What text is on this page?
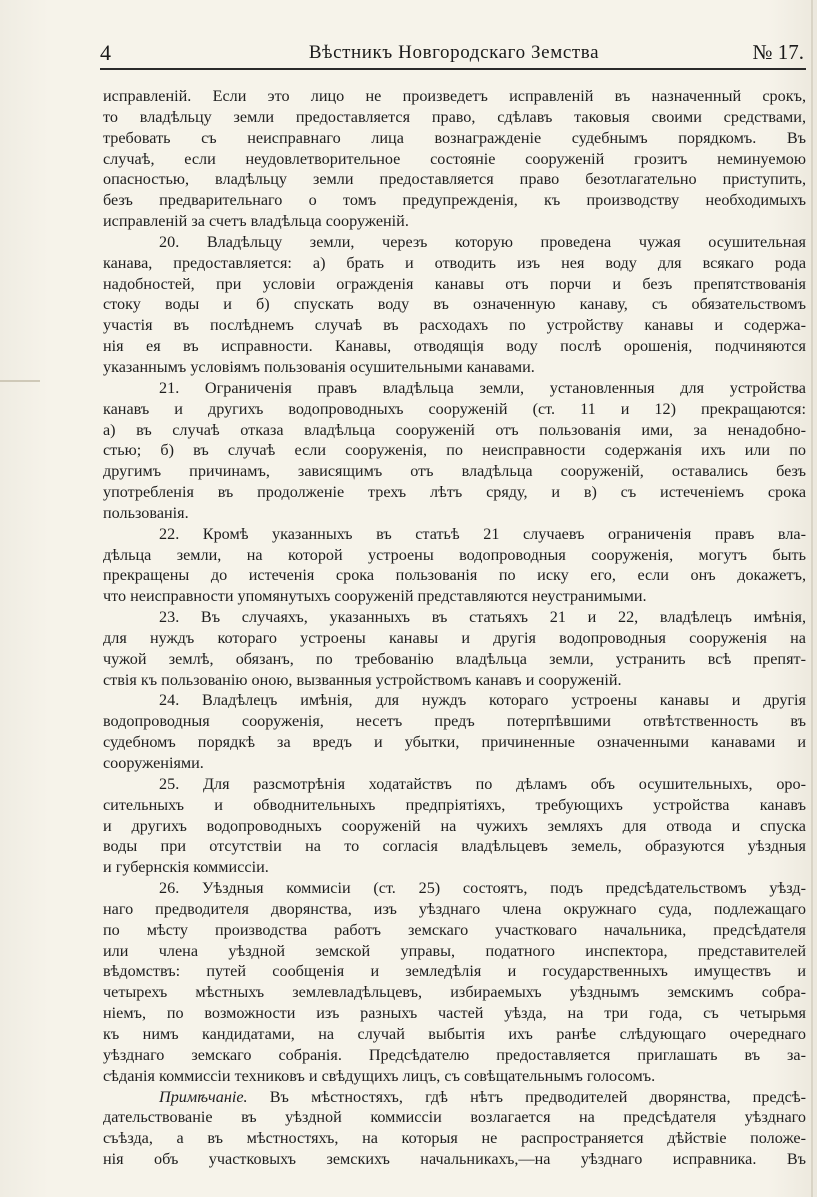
4	Вѣстникъ Новгородскаго Земства	№ 17.
исправленій. Если это лицо не произведетъ исправленій въ назначенный срокъ,
то владѣльцу земли предоставляется право, сдѣлавъ таковыя своими средствами,
требовать съ неисправнаго лица вознагражденіе судебнымъ порядкомъ. Въ
случаѣ, если неудовлетворительное состояніе сооруженій грозитъ неминуемою
опасностью, владѣльцу земли предоставляется право безотлагательно приступить,
безъ предварительнаго о томъ предупрежденія, къ производству необходимыхъ
исправленій за счетъ владѣльца сооруженій.
20. Владѣльцу земли, черезъ которую проведена чужая осушительная
канава, предоставляется: а) брать и отводить изъ нея воду для всякаго рода
надобностей, при условіи огражденія канавы отъ порчи и безъ препятствованія
стоку воды и б) спускать воду въ означенную канаву, съ обязательствомъ
участія въ послѣднемъ случаѣ въ расходахъ по устройству канавы и содержа-
нія ея въ исправности. Канавы, отводящія воду послѣ орошенія, подчиняются
указаннымъ условіямъ пользованія осушительными канавами.
21. Ограниченія правъ владѣльца земли, установленныя для устройства
канавъ и другихъ водопроводныхъ сооруженій (ст. 11 и 12) прекращаются:
а) въ случаѣ отказа владѣльца сооруженій отъ пользованія ими, за ненадобно-
стью; б) въ случаѣ если сооруженія, по неисправности содержанія ихъ или по
другимъ причинамъ, зависящимъ отъ владѣльца сооруженій, оставались безъ
употребленія въ продолженіе трехъ лѣтъ сряду, и в) съ истеченіемъ срока
пользованія.
22. Кромѣ указанныхъ въ статьѣ 21 случаевъ ограниченія правъ вла-
дѣльца земли, на которой устроены водопроводныя сооруженія, могутъ быть
прекращены до истеченія срока пользованія по иску его, если онъ докажетъ,
что неисправности упомянутыхъ сооруженій представляются неустранимыми.
23. Въ случаяхъ, указанныхъ въ статьяхъ 21 и 22, владѣлецъ имѣнія,
для нуждъ котораго устроены канавы и другія водопроводныя сооруженія на
чужой землѣ, обязанъ, по требованію владѣльца земли, устранить всѣ препят-
ствія къ пользованію оною, вызванныя устройствомъ канавъ и сооруженій.
24. Владѣлецъ имѣнія, для нуждъ котораго устроены канавы и другія
водопроводныя сооруженія, несетъ предъ потерпѣвшими отвѣтственность въ
судебномъ порядкѣ за вредъ и убытки, причиненные означенными канавами и
сооруженіями.
25. Для разсмотрѣнія ходатайствъ по дѣламъ объ осушительныхъ, оро-
сительныхъ и обводнительныхъ предпріятіяхъ, требующихъ устройства канавъ
и другихъ водопроводныхъ сооруженій на чужихъ земляхъ для отвода и спуска
воды при отсутствіи на то согласія владѣльцевъ земель, образуются уѣздныя
и губернскія коммиссіи.
26. Уѣздныя коммисіи (ст. 25) состоятъ, подъ предсѣдательствомъ уѣзд-
наго предводителя дворянства, изъ уѣзднаго члена окружнаго суда, подлежащаго
по мѣсту производства работъ земскаго участковаго начальника, предсѣдателя
или члена уѣздной земской управы, податного инспектора, представителей
вѣдомствъ: путей сообщенія и земледѣлія и государственныхъ имуществъ и
четырехъ мѣстныхъ землевладѣльцевъ, избираемыхъ уѣзднымъ земскимъ собра-
ніемъ, по возможности изъ разныхъ частей уѣзда, на три года, съ четырьмя
къ нимъ кандидатами, на случай выбытія ихъ ранѣе слѣдующаго очереднаго
уѣзднаго земскаго собранія. Предсѣдателю предоставляется приглашать въ за-
сѣданія коммиссіи техниковъ и свѣдущихъ лицъ, съ совѣщательнымъ голосомъ.
Примѣчаніе. Въ мѣстностяхъ, гдѣ нѣтъ предводителей дворянства, предсѣ-
дательствованіе въ уѣздной коммиссіи возлагается на предсѣдателя уѣзднаго
съѣзда, а въ мѣстностяхъ, на которыя не распространяется дѣйствіе положе-
нія объ участковыхъ земскихъ начальникахъ,—на уѣзднаго исправника. Въ
